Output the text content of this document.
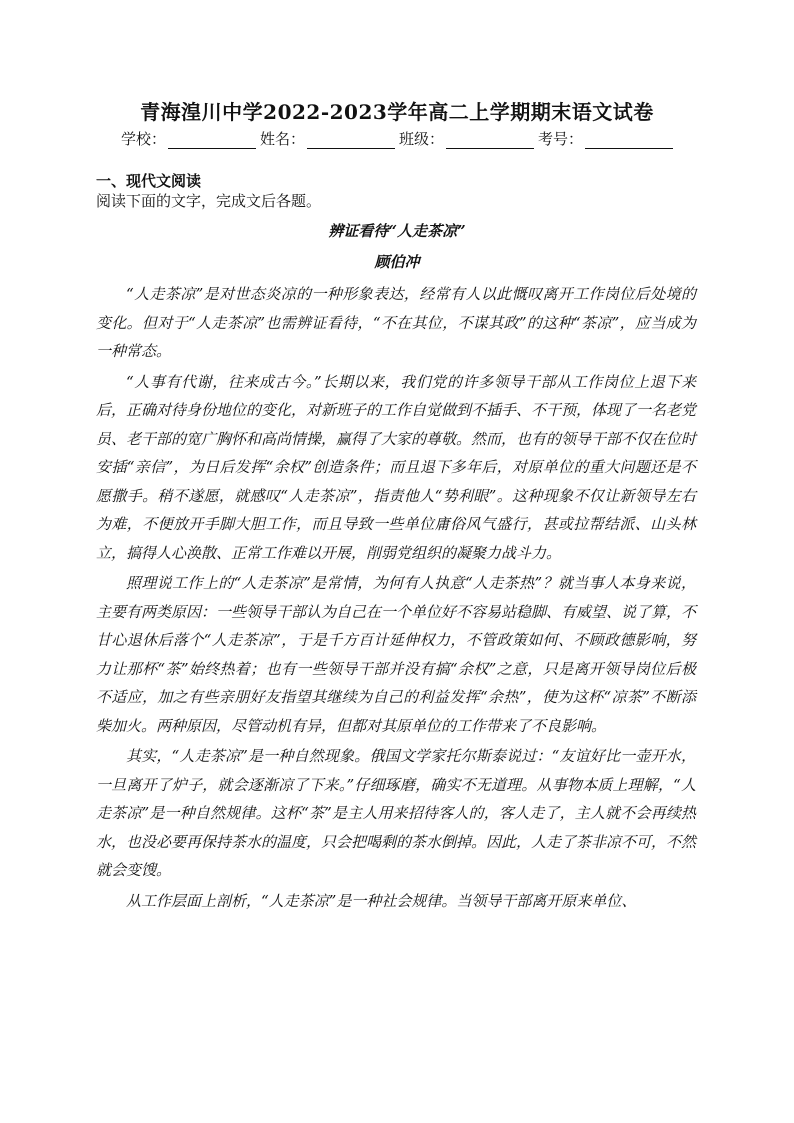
青海湟川中学2022-2023学年高二上学期期末语文试卷
学校：	姓名：	班级：	考号：
一、现代文阅读
阅读下面的文字，完成文后各题。
辨证看待“人走茶凉”
顾伯冲

“人走茶凉”是对世态炎凉的一种形象表达，经常有人以此慨叹离开工作岗位后处境的变化。但对于“人走茶凉”也需辨证看待，“不在其位，不谋其政”的这种“茶凉”，应当成为一种常态。

“人事有代谢，往来成古今。”长期以来，我们党的许多领导干部从工作岗位上退下来后，正确对待身份地位的变化，对新班子的工作自觉做到不插手、不干预，体现了一名老党员、老干部的宽广胸怀和高尚情操，赢得了大家的尊敬。然而，也有的领导干部不仅在位时安插“亲信”，为日后发挥“余权”创造条件；而且退下多年后，对原单位的重大问题还是不愿撒手。稍不遂愿，就感叹“人走茶凉”，指责他人“势利眼”。这种现象不仅让新领导左右为难，不便放开手脚大胆工作，而且导致一些单位庸俗风气盛行，甚或拉帮结派、山头林立，搞得人心涣散、正常工作难以开展，削弱党组织的凝聚力战斗力。

照理说工作上的“人走茶凉”是常情，为何有人执意“人走茶热”？就当事人本身来说，主要有两类原因：一些领导干部认为自己在一个单位好不容易站稳脚、有威望、说了算，不甘心退休后落个“人走茶凉”，于是千方百计延伸权力，不管政策如何、不顾政德影响，努力让那杯“茶”始终热着；也有一些领导干部并没有搞“余权”之意，只是离开领导岗位后极不适应，加之有些亲朋好友指望其继续为自己的利益发挥“余热”，使为这杯“凉茶”不断添柴加火。两种原因，尽管动机有异，但都对其原单位的工作带来了不良影响。

其实，“人走茶凉”是一种自然现象。俄国文学家托尔斯泰说过：“友谊好比一壶开水，一旦离开了炉子，就会逐渐凉了下来。”仔细琢磨，确实不无道理。从事物本质上理解，“人走茶凉”是一种自然规律。这杯“茶”是主人用来招待客人的，客人走了，主人就不会再续热水，也没必要再保持茶水的温度，只会把喝剩的茶水倒掉。因此，人走了茶非凉不可，不然就会变馊。

从工作层面上剖析，“人走茶凉”是一种社会规律。当领导干部离开原来单位、
